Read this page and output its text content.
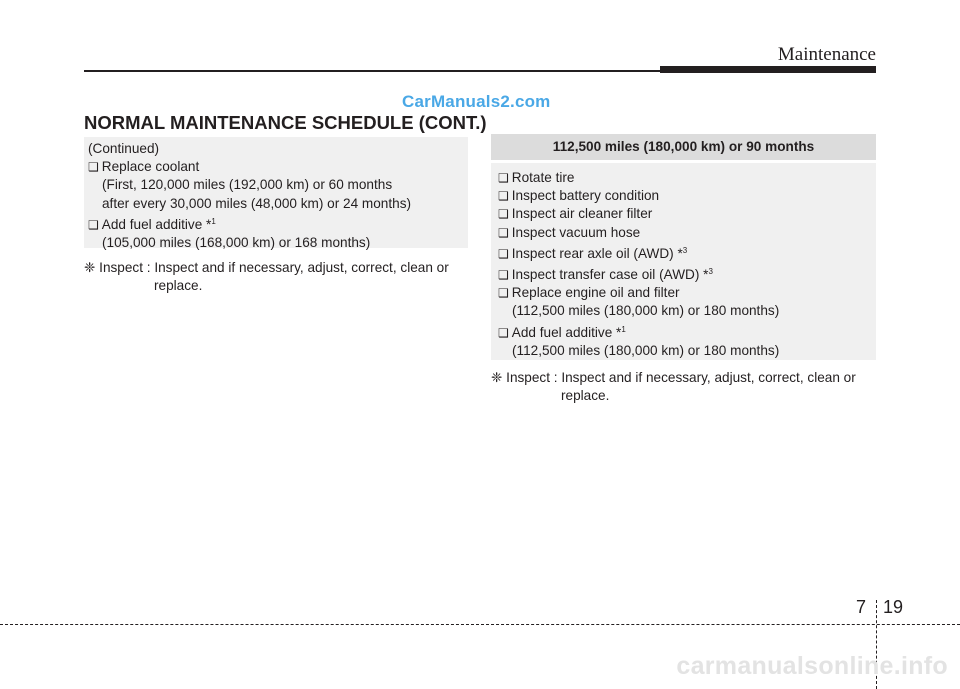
Maintenance
CarManuals2.com
NORMAL MAINTENANCE SCHEDULE (CONT.)
(Continued)
❑ Replace coolant
(First, 120,000 miles (192,000 km) or 60 months
after every 30,000 miles (48,000 km) or 24 months)
❑ Add fuel additive *$^1$
(105,000 miles (168,000 km) or 168 months)
❈ Inspect : Inspect and if necessary, adjust, correct, clean or
replace.
112,500 miles (180,000 km) or 90 months
❑ Rotate tire
❑ Inspect battery condition
❑ Inspect air cleaner filter
❑ Inspect vacuum hose
❑ Inspect rear axle oil (AWD) *$^3$
❑ Inspect transfer case oil (AWD) *$^3$
❑ Replace engine oil and filter
(112,500 miles (180,000 km) or 180 months)
❑ Add fuel additive *$^1$
(112,500 miles (180,000 km) or 180 months)
❈ Inspect : Inspect and if necessary, adjust, correct, clean or
replace.
7 19
carmanualsonline.info
